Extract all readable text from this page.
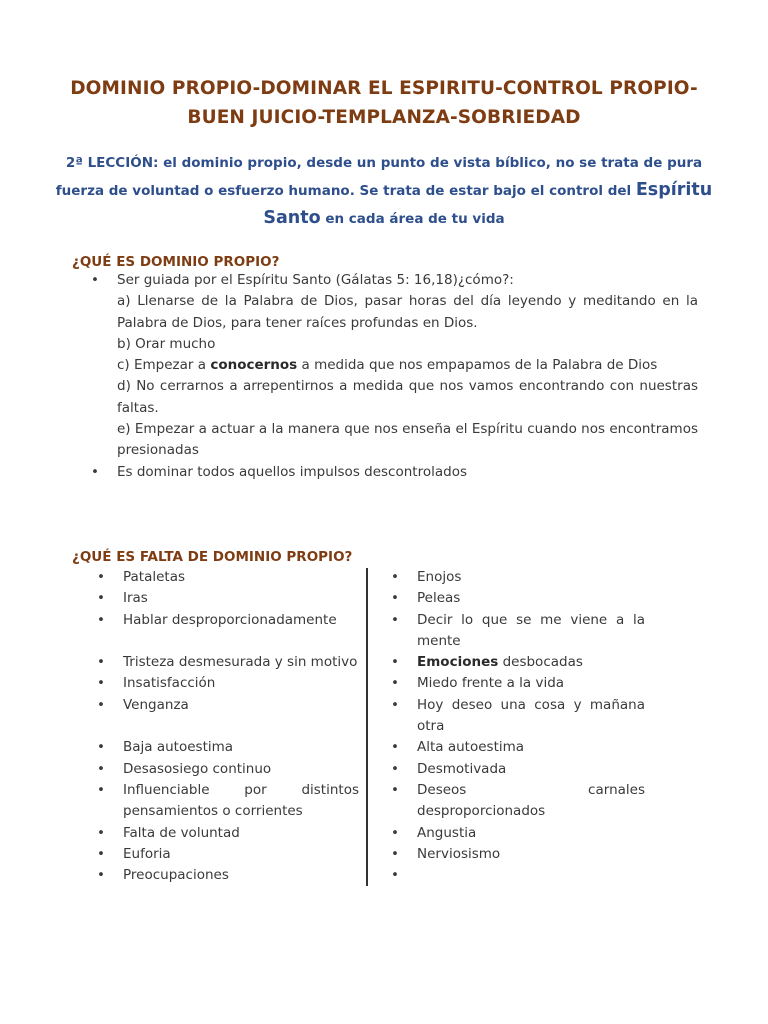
DOMINIO PROPIO-DOMINAR EL ESPIRITU-CONTROL PROPIO-
BUEN JUICIO-TEMPLANZA-SOBRIEDAD
2ª LECCIÓN: el dominio propio, desde un punto de vista bíblico, no se trata de pura
fuerza de voluntad o esfuerzo humano. Se trata de estar bajo el control del Espíritu
Santo en cada área de tu vida
¿QUÉ ES DOMINIO PROPIO?
• Ser guiada por el Espíritu Santo (Gálatas 5: 16,18)¿cómo?:
a) Llenarse de la Palabra de Dios, pasar horas del día leyendo y meditando en la Palabra de Dios, para tener raíces profundas en Dios.
b) Orar mucho
c) Empezar a conocernos a medida que nos empapamos de la Palabra de Dios
d) No cerrarnos a arrepentirnos a medida que nos vamos encontrando con nuestras faltas.
e) Empezar a actuar a la manera que nos enseña el Espíritu cuando nos encontramos presionadas
• Es dominar todos aquellos impulsos descontrolados
¿QUÉ ES FALTA DE DOMINIO PROPIO?
• Pataletas
• Iras
• Hablar desproporcionadamente
• Tristeza desmesurada y sin motivo
• Insatisfacción
• Venganza
• Baja autoestima
• Desasosiego continuo
• Influenciable por distintos pensamientos o corrientes
• Falta de voluntad
• Euforia
• Preocupaciones
• Enojos
• Peleas
• Decir lo que se me viene a la mente
• Emociones desbocadas
• Miedo frente a la vida
• Hoy deseo una cosa y mañana otra
• Alta autoestima
• Desmotivada
• Deseos carnales desproporcionados
• Angustia
• Nerviosismo
